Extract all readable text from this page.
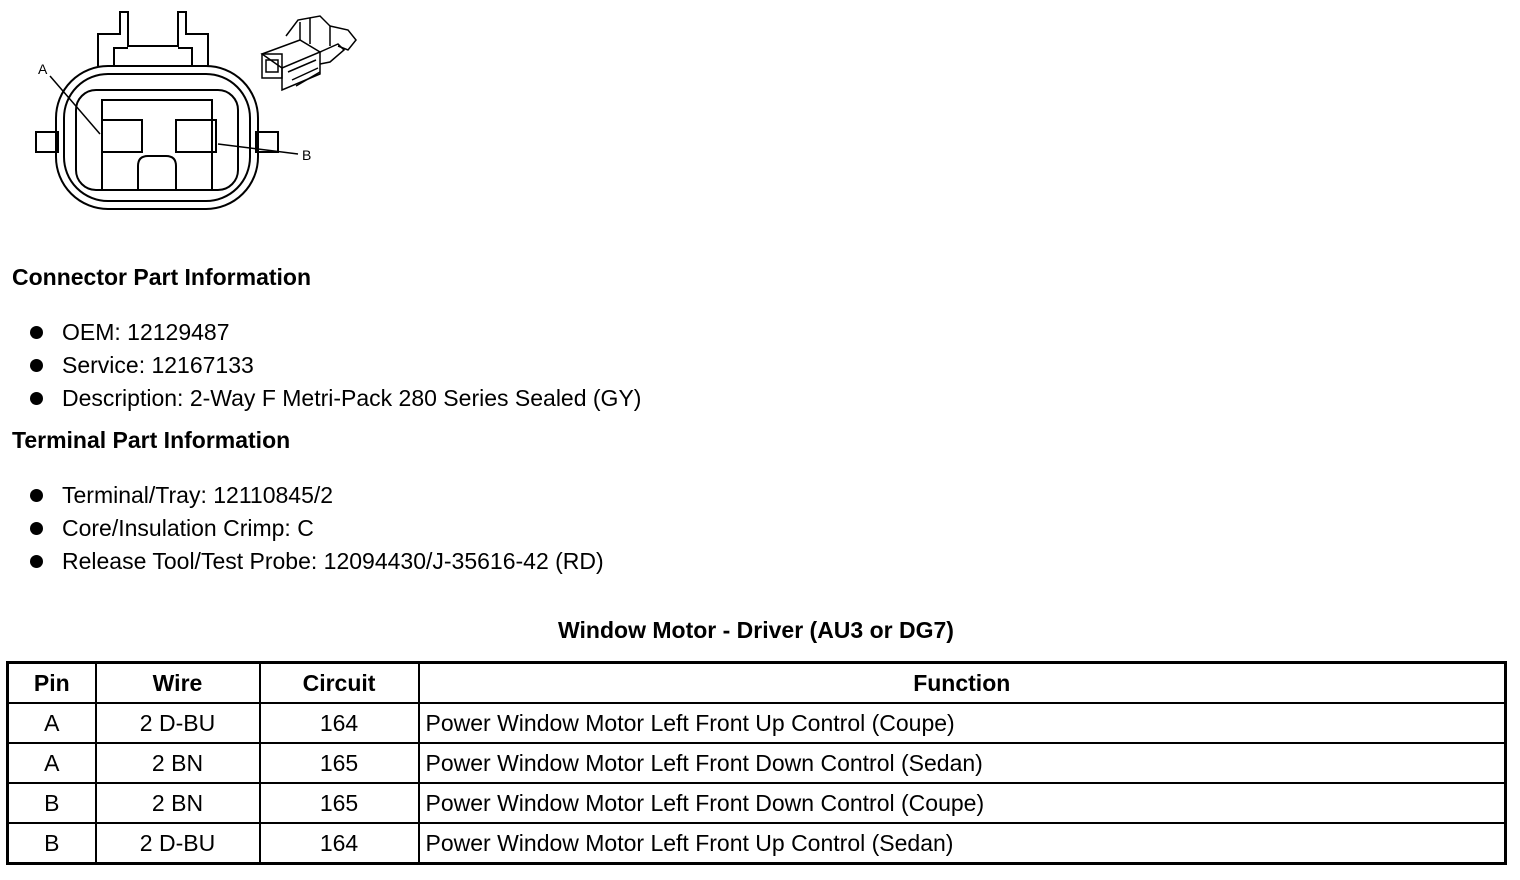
A
B
Connector Part Information
OEM: 12129487
Service: 12167133
Description: 2-Way F Metri-Pack 280 Series Sealed (GY)
Terminal Part Information
Terminal/Tray: 12110845/2
Core/Insulation Crimp: C
Release Tool/Test Probe: 12094430/J-35616-42 (RD)
Window Motor - Driver (AU3 or DG7)
Pin	Wire	Circuit	Function
A	2 D-BU	164	Power Window Motor Left Front Up Control (Coupe)
A	2 BN	165	Power Window Motor Left Front Down Control (Sedan)
B	2 BN	165	Power Window Motor Left Front Down Control (Coupe)
B	2 D-BU	164	Power Window Motor Left Front Up Control (Sedan)
